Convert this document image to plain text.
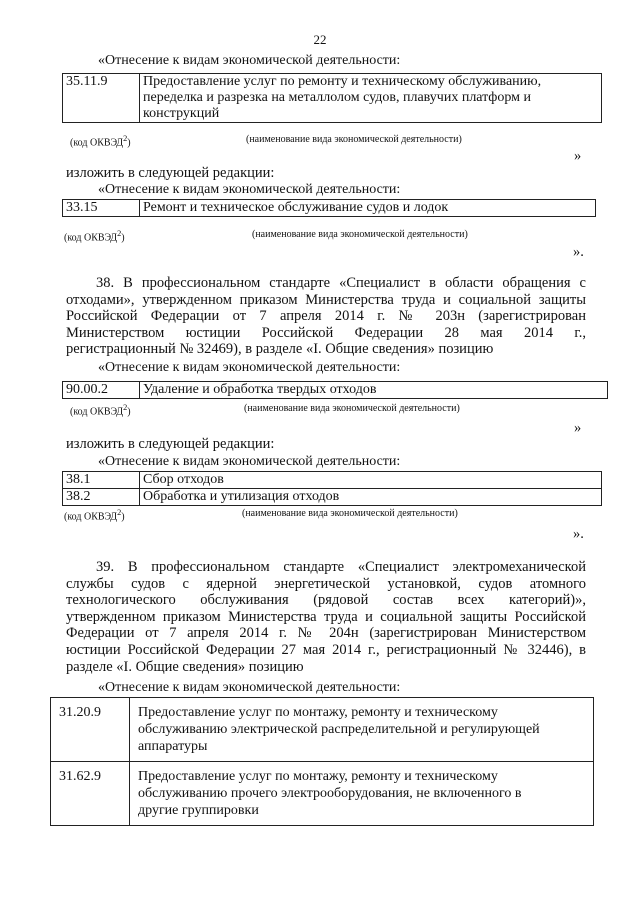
22
«Отнесение к видам экономической деятельности:
35.11.9	Предоставление услуг по ремонту и техническому обслуживанию,
переделка и разрезка на металлолом судов, плавучих платформ и
конструкций
(код ОКВЭД$^2$)	(наименование вида экономической деятельности)
»
изложить в следующей редакции:
«Отнесение к видам экономической деятельности:
33.15	Ремонт и техническое обслуживание судов и лодок
(код ОКВЭД$^2$)	(наименование вида экономической деятельности)
».
38. В профессиональном стандарте «Специалист в области обращения с
отходами», утвержденном приказом Министерства труда и социальной защиты
Российской Федерации от 7 апреля 2014 г. № 203н (зарегистрирован
Министерством юстиции Российской Федерации 28 мая 2014 г.,
регистрационный № 32469), в разделе «I. Общие сведения» позицию
«Отнесение к видам экономической деятельности:
90.00.2	Удаление и обработка твердых отходов
(код ОКВЭД$^2$)	(наименование вида экономической деятельности)
»
изложить в следующей редакции:
«Отнесение к видам экономической деятельности:
38.1	Сбор отходов

38.2	Обработка и утилизация отходов
(код ОКВЭД$^2$)	(наименование вида экономической деятельности)
».
39. В профессиональном стандарте «Специалист электромеханической
службы судов с ядерной энергетической установкой, судов атомного
технологического обслуживания (рядовой состав всех категорий)»,
утвержденном приказом Министерства труда и социальной защиты Российской
Федерации от 7 апреля 2014 г. № 204н (зарегистрирован Министерством
юстиции Российской Федерации 27 мая 2014 г., регистрационный № 32446), в
разделе «I. Общие сведения» позицию
«Отнесение к видам экономической деятельности:
31.20.9	Предоставление услуг по монтажу, ремонту и техническому
обслуживанию электрической распределительной и регулирующей
аппаратуры

31.62.9	Предоставление услуг по монтажу, ремонту и техническому
обслуживанию прочего электрооборудования, не включенного в
другие группировки
